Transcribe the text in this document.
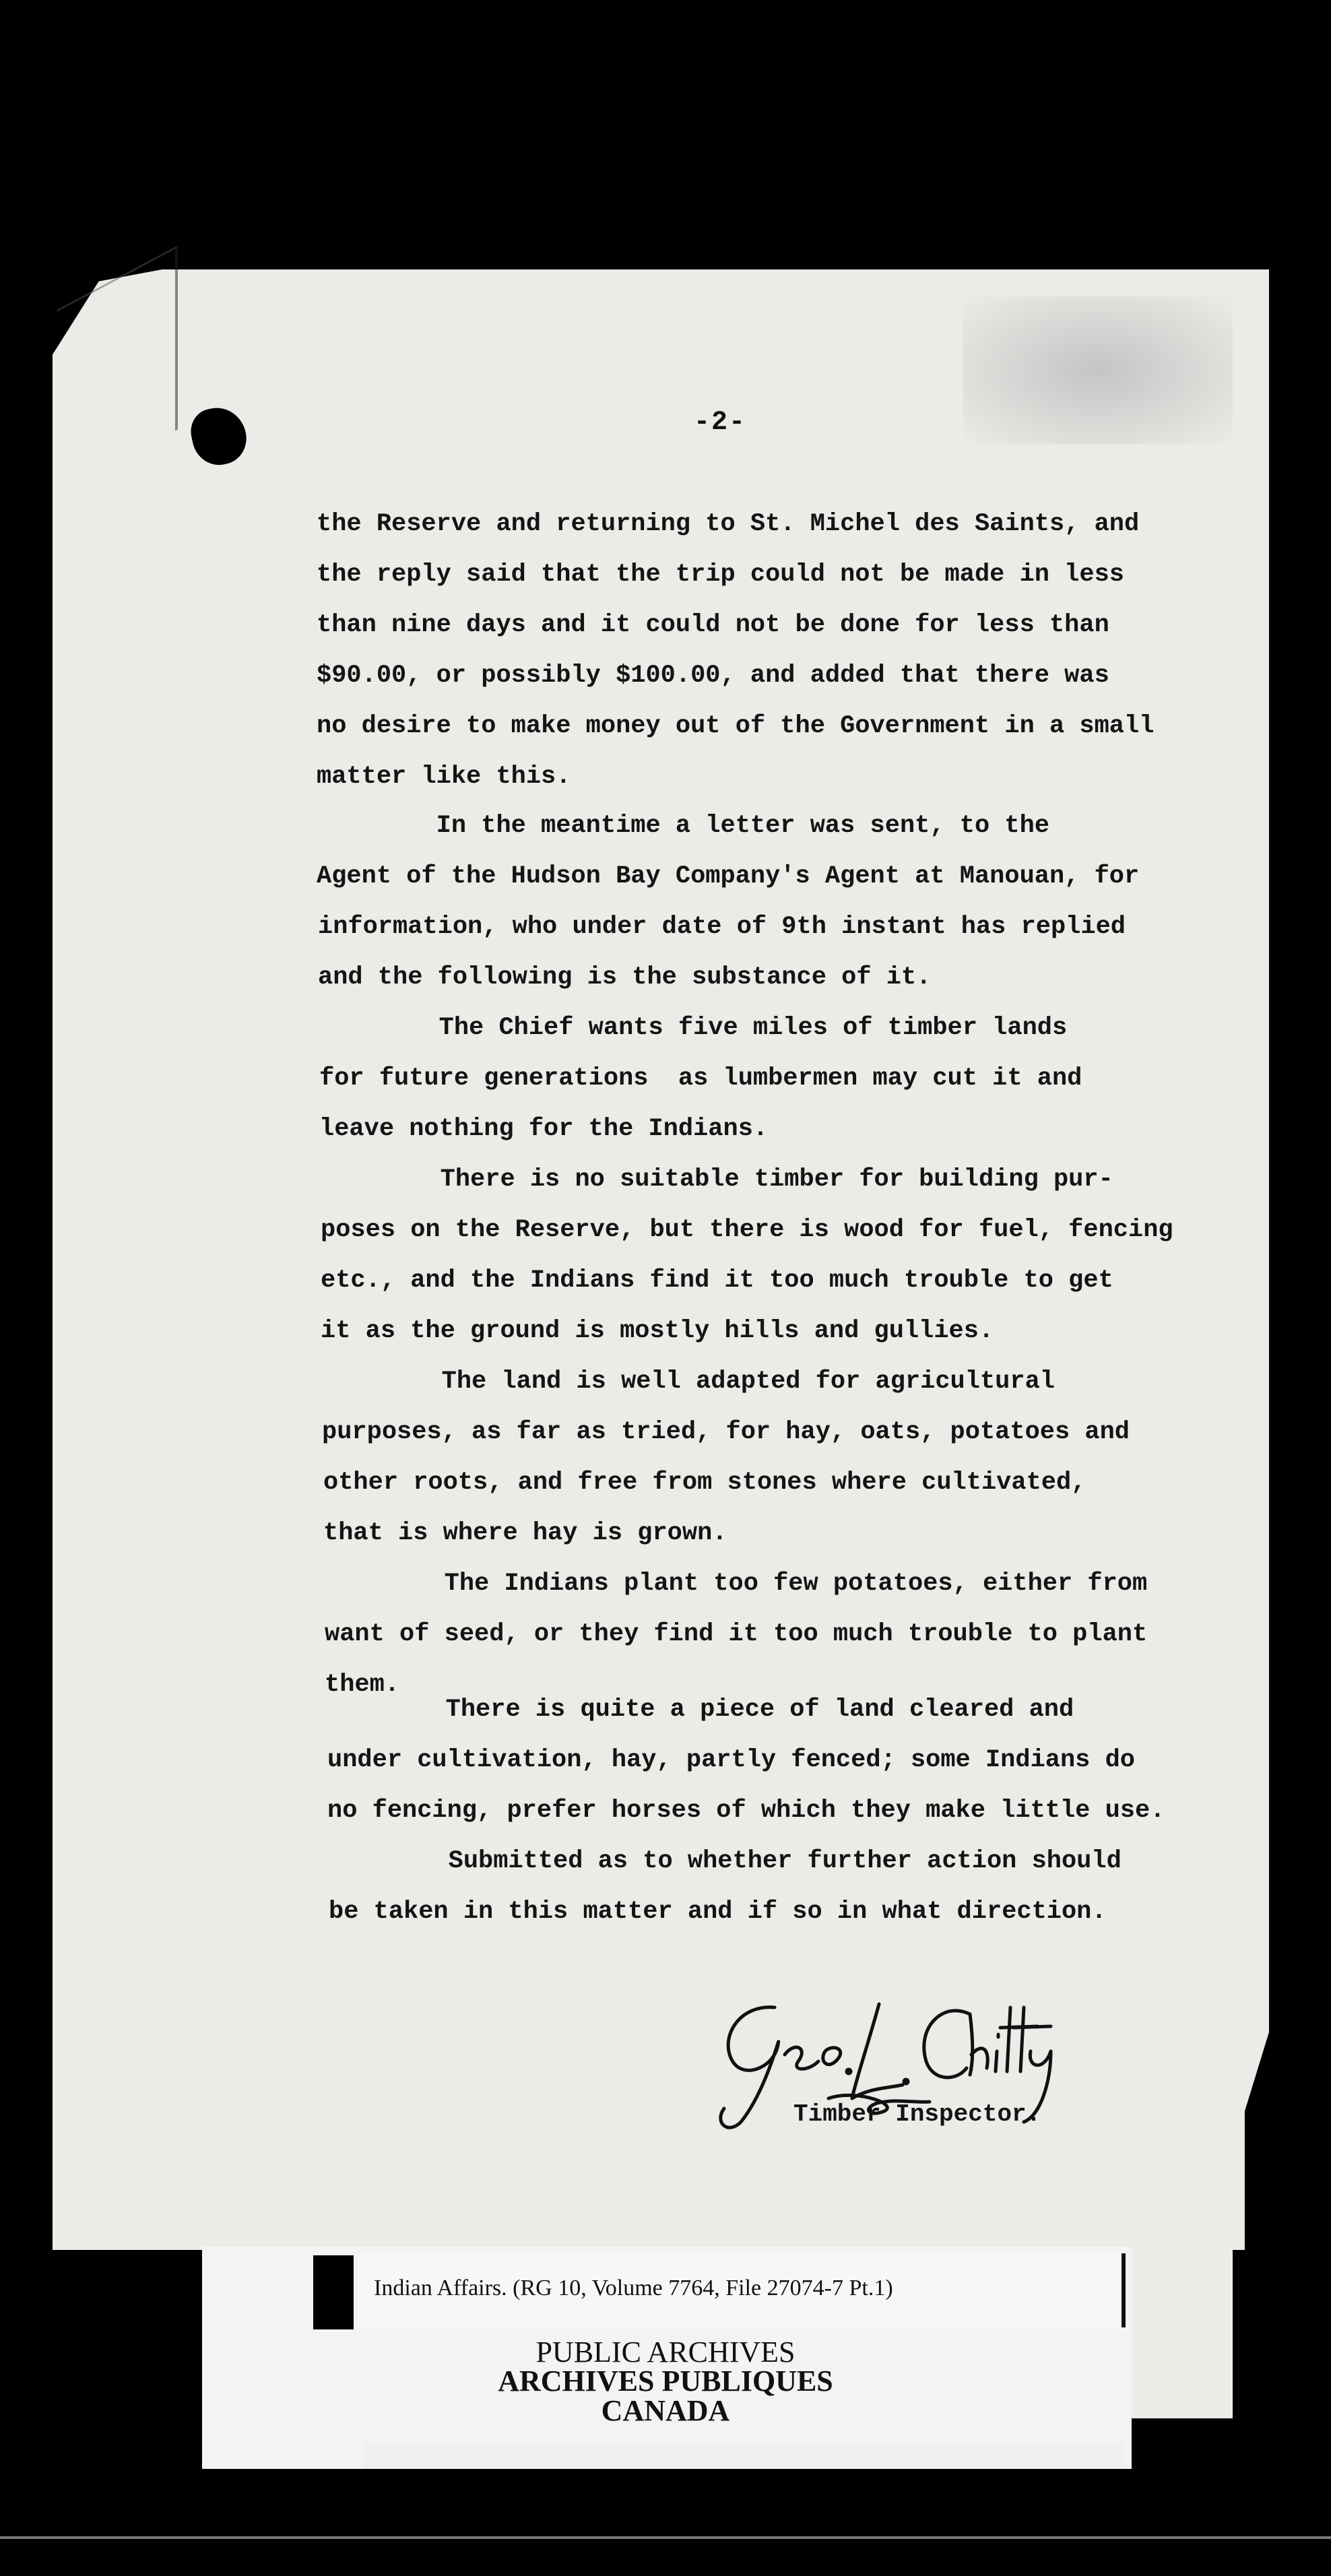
-2-
the Reserve and returning to St. Michel des Saints, and
the reply said that the trip could not be made in less
than nine days and it could not be done for less than
$90.00, or possibly $100.00, and added that there was
no desire to make money out of the Government in a small
matter like this.
In the meantime a letter was sent, to the
Agent of the Hudson Bay Company's Agent at Manouan, for
information, who under date of 9th instant has replied
and the following is the substance of it.
The Chief wants five miles of timber lands
for future generations  as lumbermen may cut it and
leave nothing for the Indians.
There is no suitable timber for building pur-
poses on the Reserve, but there is wood for fuel, fencing
etc., and the Indians find it too much trouble to get
it as the ground is mostly hills and gullies.
The land is well adapted for agricultural
purposes, as far as tried, for hay, oats, potatoes and
other roots, and free from stones where cultivated,
that is where hay is grown.
The Indians plant too few potatoes, either from
want of seed, or they find it too much trouble to plant
them.
There is quite a piece of land cleared and
under cultivation, hay, partly fenced; some Indians do
no fencing, prefer horses of which they make little use.
Submitted as to whether further action should
be taken in this matter and if so in what direction.
Timber Inspector.
Indian Affairs. (RG 10, Volume 7764, File 27074-7 Pt.1)
PUBLIC ARCHIVES
ARCHIVES PUBLIQUES
CANADA
